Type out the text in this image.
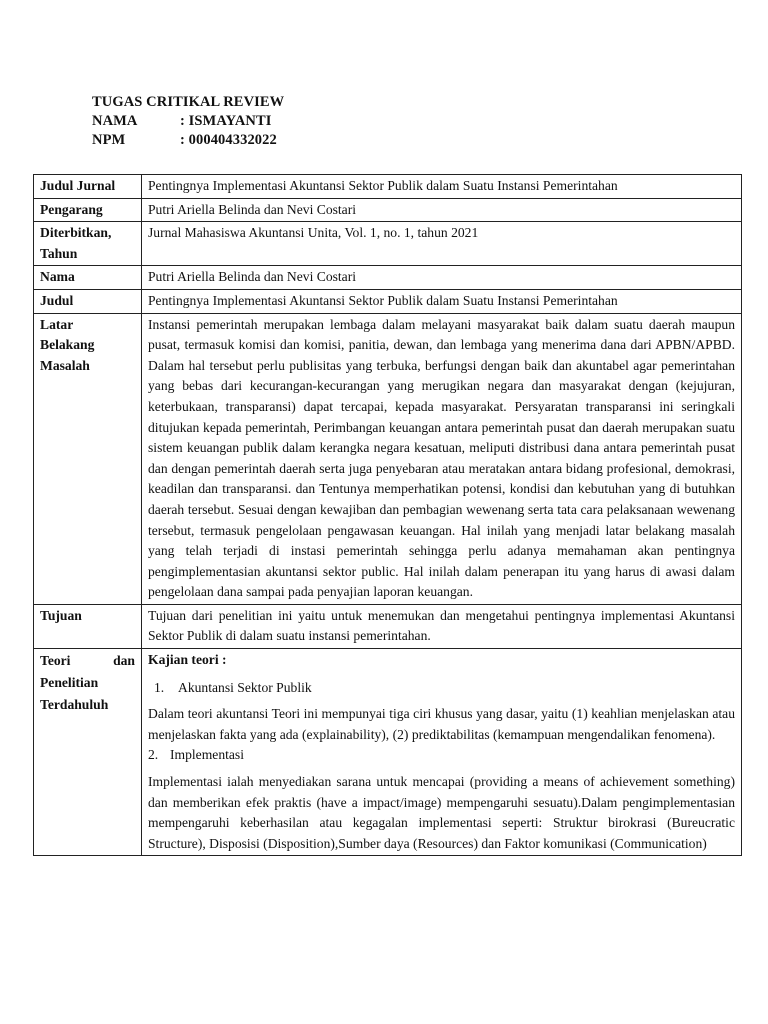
TUGAS CRITIKAL REVIEW
NAMA	: ISMAYANTI
NPM	: 000404332022
Judul Jurnal	Pentingnya Implementasi Akuntansi Sektor Publik dalam Suatu Instansi Pemerintahan
Pengarang	Putri Ariella Belinda dan Nevi Costari
Diterbitkan, Tahun	Jurnal Mahasiswa Akuntansi Unita, Vol. 1, no. 1, tahun 2021
Nama	Putri Ariella Belinda dan Nevi Costari
Judul	Pentingnya Implementasi Akuntansi Sektor Publik dalam Suatu Instansi Pemerintahan
Latar Belakang Masalah	Instansi pemerintah merupakan lembaga dalam melayani masyarakat baik dalam suatu daerah maupun pusat, termasuk komisi dan komisi, panitia, dewan, dan lembaga yang menerima dana dari APBN/APBD. Dalam hal tersebut perlu publisitas yang terbuka, berfungsi dengan baik dan akuntabel agar pemerintahan yang bebas dari kecurangan-kecurangan yang merugikan negara dan masyarakat dengan (kejujuran, keterbukaan, transparansi) dapat tercapai, kepada masyarakat. Persyaratan transparansi ini seringkali ditujukan kepada pemerintah, Perimbangan keuangan antara pemerintah pusat dan daerah merupakan suatu sistem keuangan publik dalam kerangka negara kesatuan, meliputi distribusi dana antara pemerintah pusat dan dengan pemerintah daerah serta juga penyebaran atau meratakan antara bidang profesional, demokrasi, keadilan dan transparansi. dan Tentunya memperhatikan potensi, kondisi dan kebutuhan yang di butuhkan daerah tersebut. Sesuai dengan kewajiban dan pembagian wewenang serta tata cara pelaksanaan wewenang tersebut, termasuk pengelolaan pengawasan keuangan. Hal inilah yang menjadi latar belakang masalah yang telah terjadi di instasi pemerintah sehingga perlu adanya memahaman akan pentingnya pengimplementasian akuntansi sektor public. Hal inilah dalam penerapan itu yang harus di awasi dalam pengelolaan dana sampai pada penyajian laporan keuangan.
Tujuan	Tujuan dari penelitian ini yaitu untuk menemukan dan mengetahui pentingnya implementasi Akuntansi Sektor Publik di dalam suatu instansi pemerintahan.
Teori dan Penelitian Terdahuluh	Kajian teori :
1. Akuntansi Sektor Publik
Dalam teori akuntansi Teori ini mempunyai tiga ciri khusus yang dasar, yaitu (1) keahlian menjelaskan atau menjelaskan fakta yang ada (explainability), (2) prediktabilitas (kemampuan mengendalikan fenomena).
2. Implementasi
Implementasi ialah menyediakan sarana untuk mencapai (providing a means of achievement something) dan memberikan efek praktis (have a impact/image) mempengaruhi sesuatu).Dalam pengimplementasian mempengaruhi keberhasilan atau kegagalan implementasi seperti: Struktur birokrasi (Bureucratic Structure), Disposisi (Disposition),Sumber daya (Resources) dan Faktor komunikasi (Communication)
